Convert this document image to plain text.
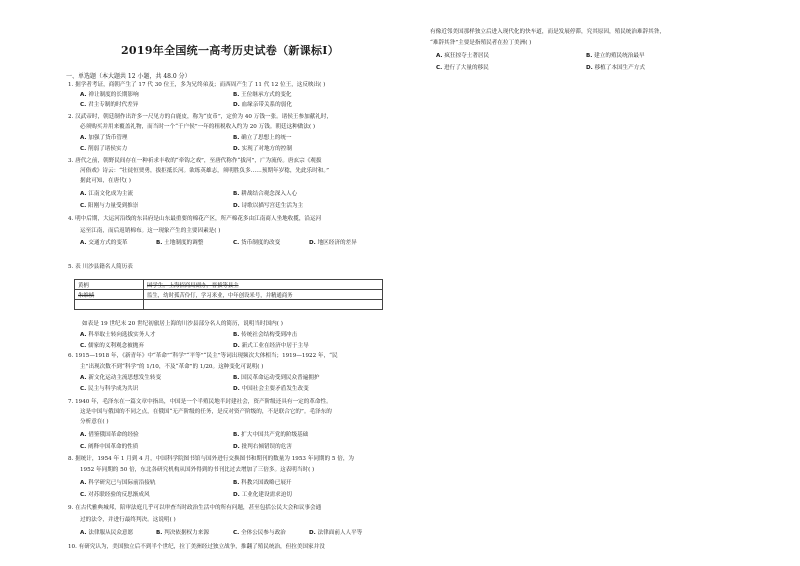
2019年全国统一高考历史试卷（新课标Ⅰ）
一、单选题（本大题共 12 小题，共 48.0 分）
1. 据学者考证，商朝产生了 17 代 30 位王，多为兄终弟及；而西周产生了 11 代 12 位王，这反映出( )
A. 禅让制度的长期影响	B. 王位继承方式的变化
C. 君主专制的时代差异	D. 血缘亲带关系的弱化
2. 汉武帝时，朝廷制作出许多一尺见方的白鹿皮，称为“皮币”，定价为 40 万钱一张。诸侯王参加献礼时，
必须购买并用来覆盖礼物，而当时一个“千户侯”一年的租税收入约为 20 万钱。朝廷这种做法( )
A. 加强了货币管理	B. 确立了思想上的统一
C. 削弱了诸侯实力	D. 实现了对地方的控制
3. 唐代之前，朝野民间存在一种祈求丰收的“牵钩之戏”，至唐代称作“拔河”，广为流传。唐玄宗《观拔
河俗戏》诗云：“壮徒恒贾勇，拔拒抵长河。欲练英雄志，须明胜负多……预期年岁稔，先此乐时和。”
据此可知，在唐代( )
A. 江南文化成为主流	B. 耕战结合观念深入人心
C. 阳刚与力量受到推崇	D. 诗歌以描写宫廷生活为主
4. 明中后期，大运河沿线的东昌府是山东最重要的棉花产区，所产棉花多由江南商人坐地收揽，沿运河
运至江南，而后返销棉布。这一现象产生的主要因素是( )
A. 交通方式的变革	B. 土地制度的调整	C. 货币制度的改变	D. 地区经济的差异
5. 表 川沙县籍名人简历表
黄柄	国学生，上海招商局副办，晋拔等县主
朱维桢	监生，幼时孤苦伶仃，学习米业，中年创设米号，并精通商务

如表是 19 世纪末 20 世纪初旅居上海的川沙县部分名人的简历，说明当时国内( )
A. 科举取士转向选拔实务人才	B. 传统社会结构受到冲击
C. 儒家的义利观念被抛弃	D. 新式工业在经济中居于主导
6. 1915—1918 年，《新青年》中“革命”“科学”“平等”“民主”等词出现频次大体相当；1919—1922 年，“民
主”出现次数不到“科学”的 1/10，不及“革命”的 1/20。这种变化可说明( )
A. 新文化运动主流思想发生转变	B. 国民革命运动受到民众普遍拥护
C. 民主与科学成为共识	D. 中国社会主要矛盾发生改变
7. 1940 年，毛泽东在一篇文章中指出，中国是一个半殖民地半封建社会，资产阶级还具有一定的革命性。
这是中国与俄国的不同之点，在俄国“无产阶级的任务，是反对资产阶级的，不是联合它的”。毛泽东的
分析意在( )
A. 借鉴俄国革命的经验	B. 扩大中国共产党的阶级基础
C. 阐释中国革命的性质	D. 批判右倾错误的危害
8. 据统计，1954 年 1 月到 4 月，中国科学院图书馆与国外进行交换图书和期刊的数量为 1953 年同期的 5 倍，为
1952 年同期的 50 倍，东北各研究机构从国外得到的书刊比过去增加了三倍多。这表明当时( )
A. 科学研究已与国际前沿接轨	B. 科教兴国战略已展开
C. 对苏联经验的反思渐成风	D. 工业化建设需求迫切
9. 在古代雅典城邦，陪审法庭几乎可以审查当时政治生活中的所有问题，甚至包括公民大会和议事会通
过的法令，并进行最终判决。这说明( )
A. 法律服从民众意愿	B. 判决依据权力来源	C. 全体公民参与政治	D. 法律面前人人平等
10. 有研究认为，美国独立后不到半个世纪，拉丁美洲经过独立战争，推翻了殖民统治，但拉美国家并没
有像近邻美国那样独立后进入现代化的快车道，而是发展停滞，究其原因，殖民统治难辞其咎，
“难辞其咎”主要是指殖民者在拉丁美洲( )
A. 疯狂掠夺土著居民	B. 建立的殖民统治最早
C. 进行了大量的移民	D. 移植了本国生产方式
